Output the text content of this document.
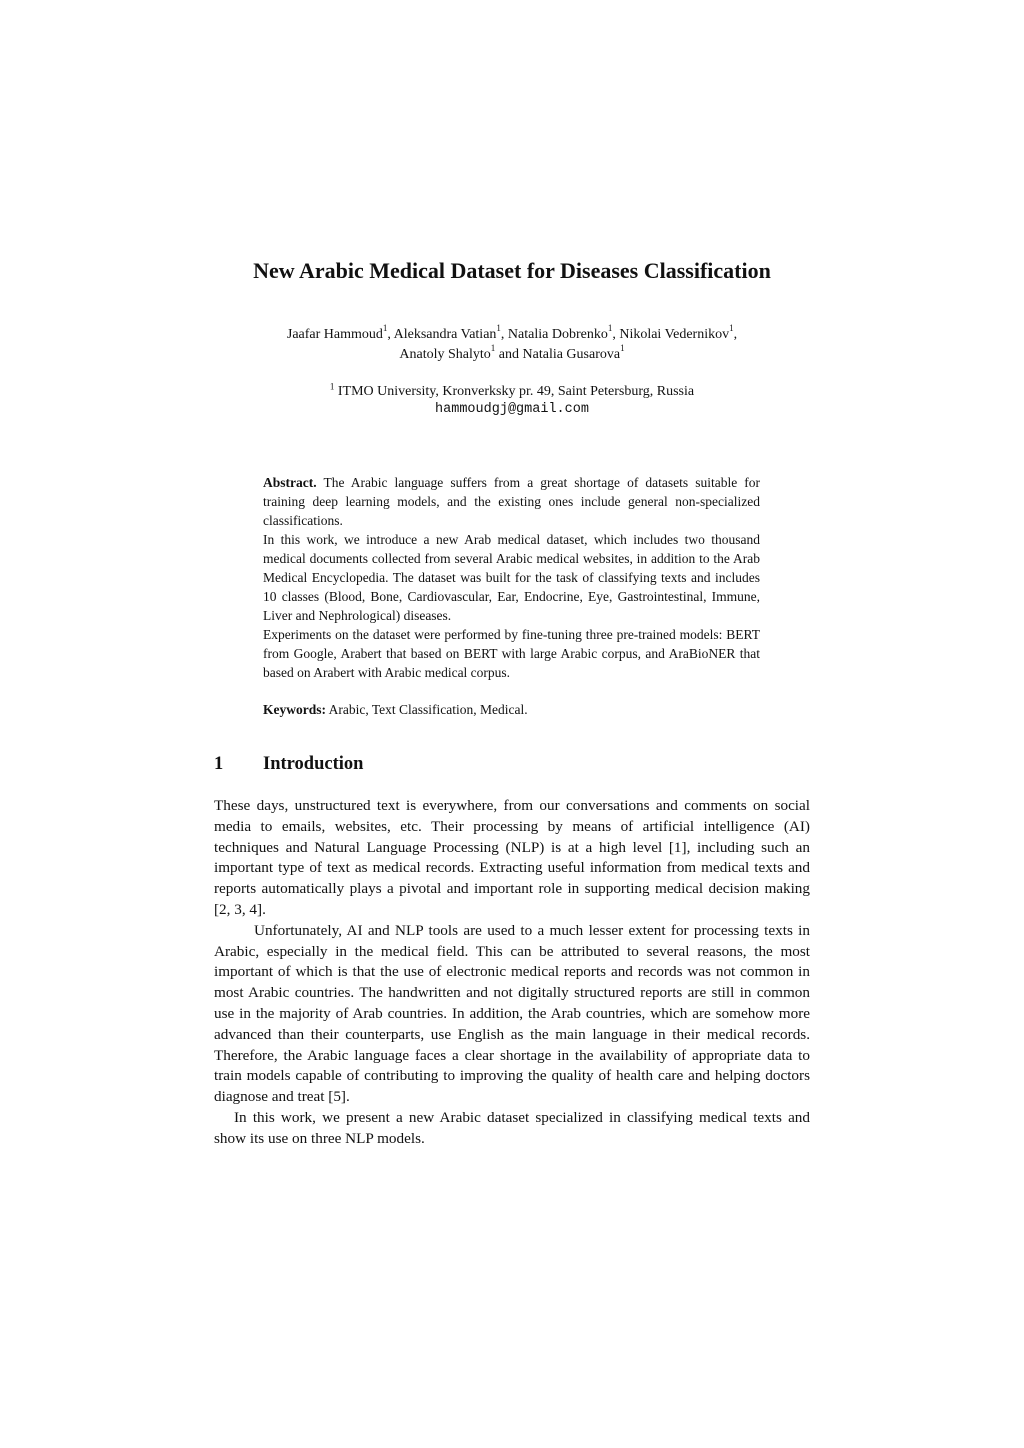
New Arabic Medical Dataset for Diseases Classification
Jaafar Hammoud$^1$, Aleksandra Vatian$^1$, Natalia Dobrenko$^1$, Nikolai Vedernikov$^1$,
Anatoly Shalyto$^1$ and Natalia Gusarova$^1$
$^1$ ITMO University, Kronverksky pr. 49, Saint Petersburg, Russia
hammoudgj@gmail.com

Abstract. The Arabic language suffers from a great shortage of datasets suitable for training deep learning models, and the existing ones include general non-specialized classifications.

In this work, we introduce a new Arab medical dataset, which includes two thousand medical documents collected from several Arabic medical websites, in addition to the Arab Medical Encyclopedia. The dataset was built for the task of classifying texts and includes 10 classes (Blood, Bone, Cardiovascular, Ear, Endocrine, Eye, Gastrointestinal, Immune, Liver and Nephrological) diseases.

Experiments on the dataset were performed by fine-tuning three pre-trained models: BERT from Google, Arabert that based on BERT with large Arabic corpus, and AraBioNER that based on Arabert with Arabic medical corpus.

Keywords: Arabic, Text Classification, Medical.
1 Introduction

These days, unstructured text is everywhere, from our conversations and comments on social media to emails, websites, etc. Their processing by means of artificial intelligence (AI) techniques and Natural Language Processing (NLP) is at a high level [1], including such an important type of text as medical records. Extracting useful information from medical texts and reports automatically plays a pivotal and important role in supporting medical decision making [2, 3, 4].

Unfortunately, AI and NLP tools are used to a much lesser extent for processing texts in Arabic, especially in the medical field. This can be attributed to several reasons, the most important of which is that the use of electronic medical reports and records was not common in most Arabic countries. The handwritten and not digitally structured reports are still in common use in the majority of Arab countries. In addition, the Arab countries, which are somehow more advanced than their counterparts, use English as the main language in their medical records. Therefore, the Arabic language faces a clear shortage in the availability of appropriate data to train models capable of contributing to improving the quality of health care and helping doctors diagnose and treat [5].

In this work, we present a new Arabic dataset specialized in classifying medical texts and show its use on three NLP models.
